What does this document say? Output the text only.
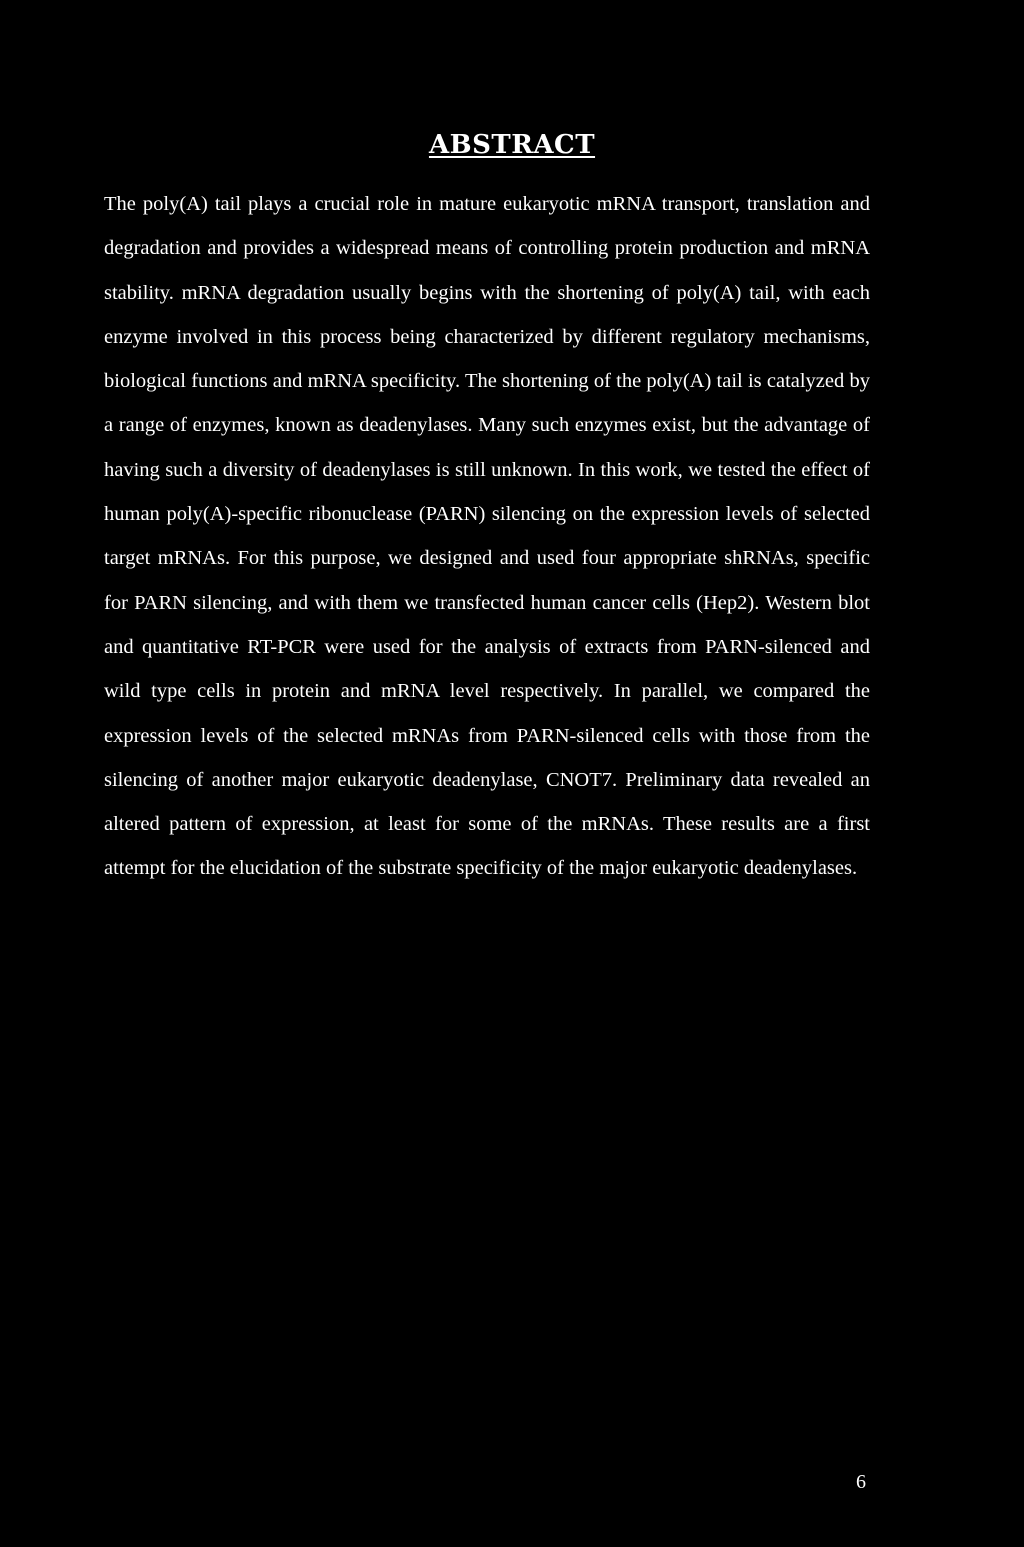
ABSTRACT

The poly(A) tail plays a crucial role in mature eukaryotic mRNA transport, translation and degradation and provides a widespread means of controlling protein production and mRNA stability. mRNA degradation usually begins with the shortening of poly(A) tail, with each enzyme involved in this process being characterized by different regulatory mechanisms, biological functions and mRNA specificity. The shortening of the poly(A) tail is catalyzed by a range of enzymes, known as deadenylases. Many such enzymes exist, but the advantage of having such a diversity of deadenylases is still unknown. In this work, we tested the effect of human poly(A)-specific ribonuclease (PARN) silencing on the expression levels of selected target mRNAs. For this purpose, we designed and used four appropriate shRNAs, specific for PARN silencing, and with them we transfected human cancer cells (Hep2). Western blot and quantitative RT-PCR were used for the analysis of extracts from PARN-silenced and wild type cells in protein and mRNA level respectively. In parallel, we compared the expression levels of the selected mRNAs from PARN-silenced cells with those from the silencing of another major eukaryotic deadenylase, CNOT7. Preliminary data revealed an altered pattern of expression, at least for some of the mRNAs. These results are a first attempt for the elucidation of the substrate specificity of the major eukaryotic deadenylases.

6
